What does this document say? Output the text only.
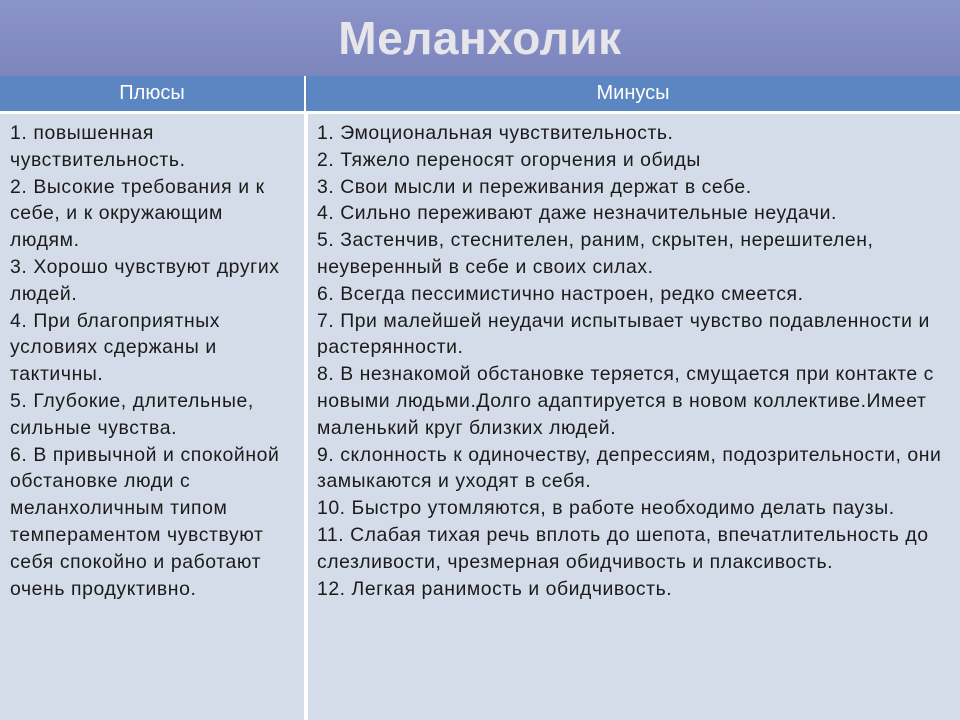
Меланхолик
Плюсы	Минусы

1. повышенная чувствительность.

2. Высокие требования и к себе, и к окружающим людям.

3. Хорошо чувствуют других людей.

4. При благоприятных условиях сдержаны и тактичны.

5. Глубокие, длительные, сильные чувства.

6. В привычной и спокойной обстановке люди с меланхоличным типом темпераментом чувствуют себя спокойно и работают очень продуктивно.

1. Эмоциональная чувствительность.

2. Тяжело переносят огорчения и обиды

3. Свои мысли и переживания держат в себе.

4. Сильно переживают даже незначительные неудачи.

5. Застенчив, стеснителен, раним, скрытен, нерешителен, неуверенный в себе и своих силах.

6. Всегда пессимистично настроен, редко смеется.

7. При малейшей неудачи испытывает чувство подавленности и растерянности.

8. В незнакомой обстановке теряется, смущается при контакте с новыми людьми.Долго адаптируется в новом коллективе.Имеет маленький круг близких людей.

9. склонность к одиночеству, депрессиям, подозрительности, они замыкаются и уходят в себя.

10. Быстро утомляются, в работе необходимо делать паузы.

11. Слабая тихая речь вплоть до шепота, впечатлительность до слезливости, чрезмерная обидчивость и плаксивость.

12. Легкая ранимость и обидчивость.
